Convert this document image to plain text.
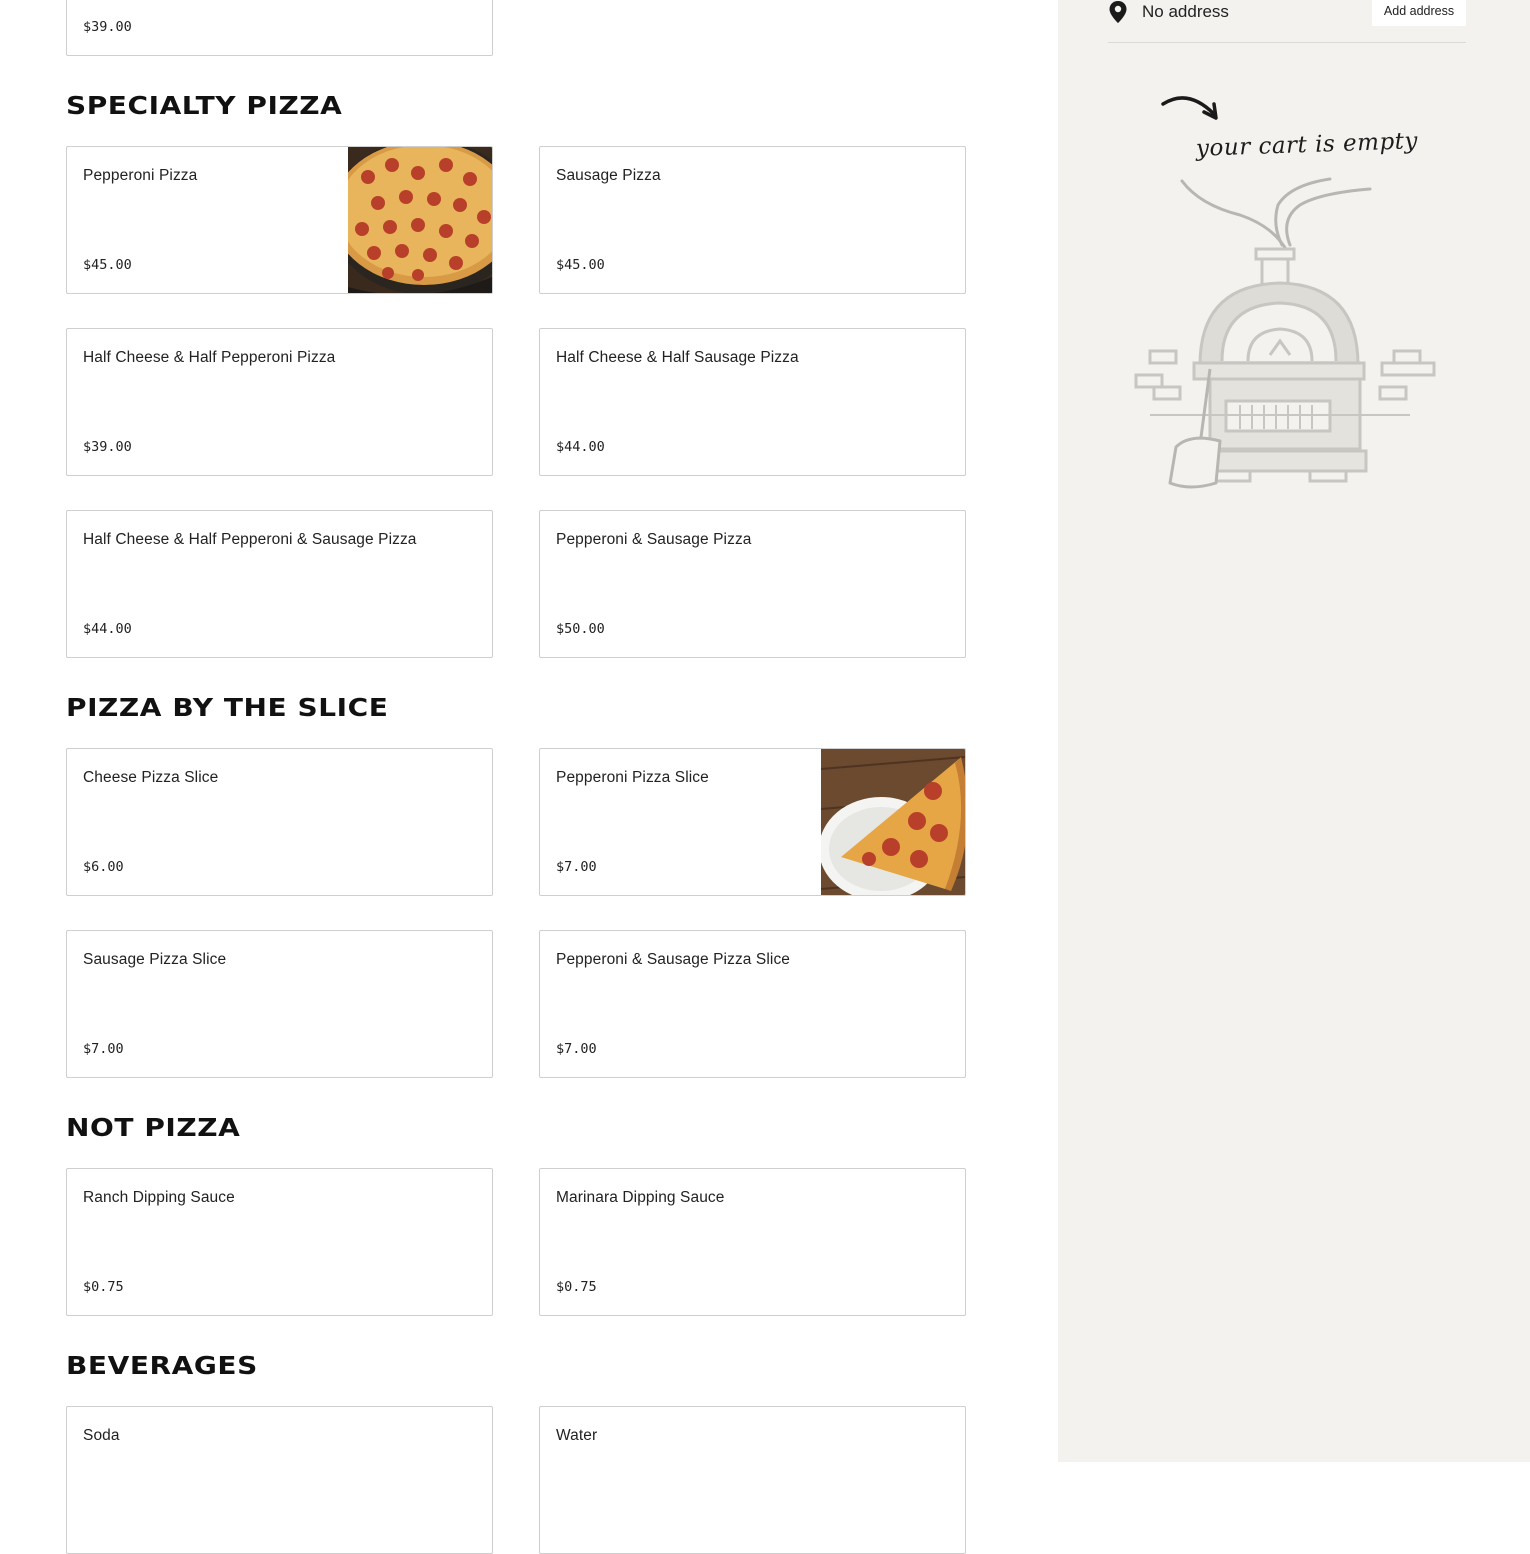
$39.00
SPECIALTY PIZZA
Pepperoni Pizza
$45.00
Sausage Pizza
$45.00
Half Cheese & Half Pepperoni Pizza
$39.00
Half Cheese & Half Sausage Pizza
$44.00
Half Cheese & Half Pepperoni & Sausage Pizza
$44.00
Pepperoni & Sausage Pizza
$50.00
PIZZA BY THE SLICE
Cheese Pizza Slice
$6.00
Pepperoni Pizza Slice
$7.00
Sausage Pizza Slice
$7.00
Pepperoni & Sausage Pizza Slice
$7.00
NOT PIZZA
Ranch Dipping Sauce
$0.75
Marinara Dipping Sauce
$0.75
BEVERAGES
Soda	Water
No address	Add address
your cart is empty
